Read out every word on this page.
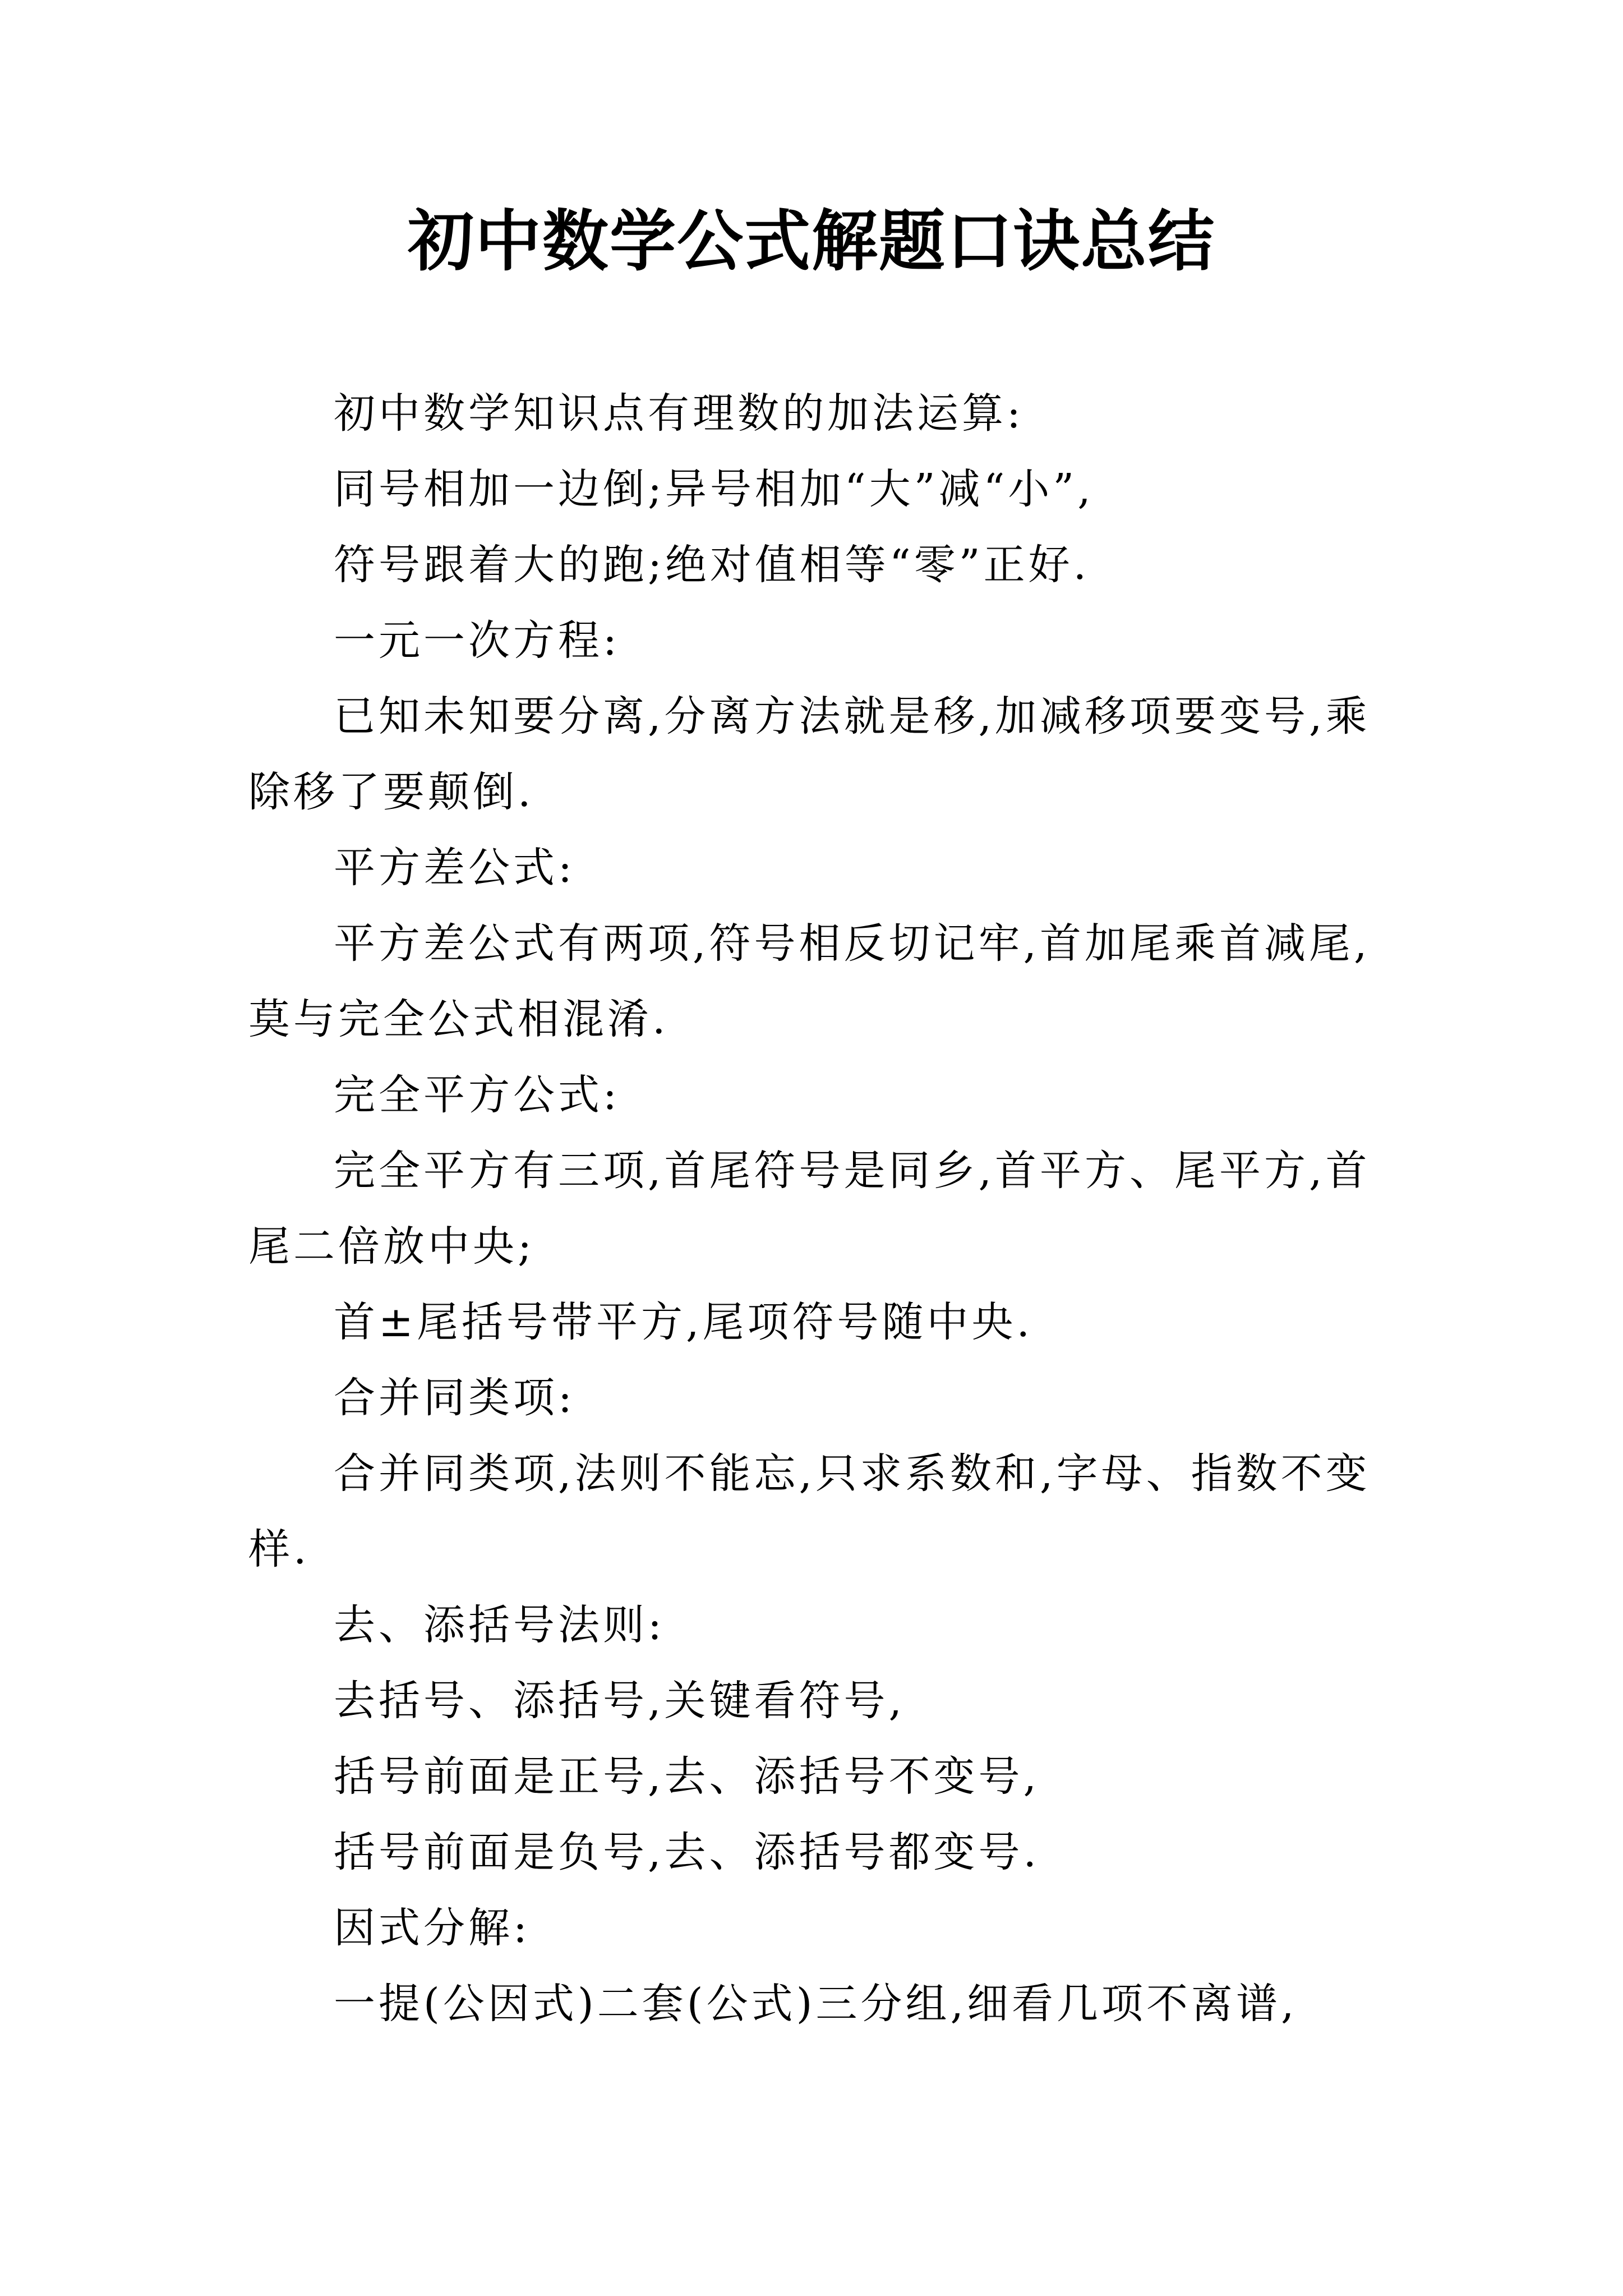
初中数学公式解题口诀总结

初中数学知识点有理数的加法运算:

同号相加一边倒;异号相加“大”减“小”,

符号跟着大的跑;绝对值相等“零”正好.

一元一次方程:

已知未知要分离,分离方法就是移,加减移项要变号,乘除移了要颠倒.

平方差公式:

平方差公式有两项,符号相反切记牢,首加尾乘首减尾,莫与完全公式相混淆.

完全平方公式:

完全平方有三项,首尾符号是同乡,首平方、尾平方,首尾二倍放中央;

首±尾括号带平方,尾项符号随中央.

合并同类项:

合并同类项,法则不能忘,只求系数和,字母、指数不变样.

去、添括号法则:

去括号、添括号,关键看符号,

括号前面是正号,去、添括号不变号,

括号前面是负号,去、添括号都变号.

因式分解:

一提(公因式)二套(公式)三分组,细看几项不离谱,
